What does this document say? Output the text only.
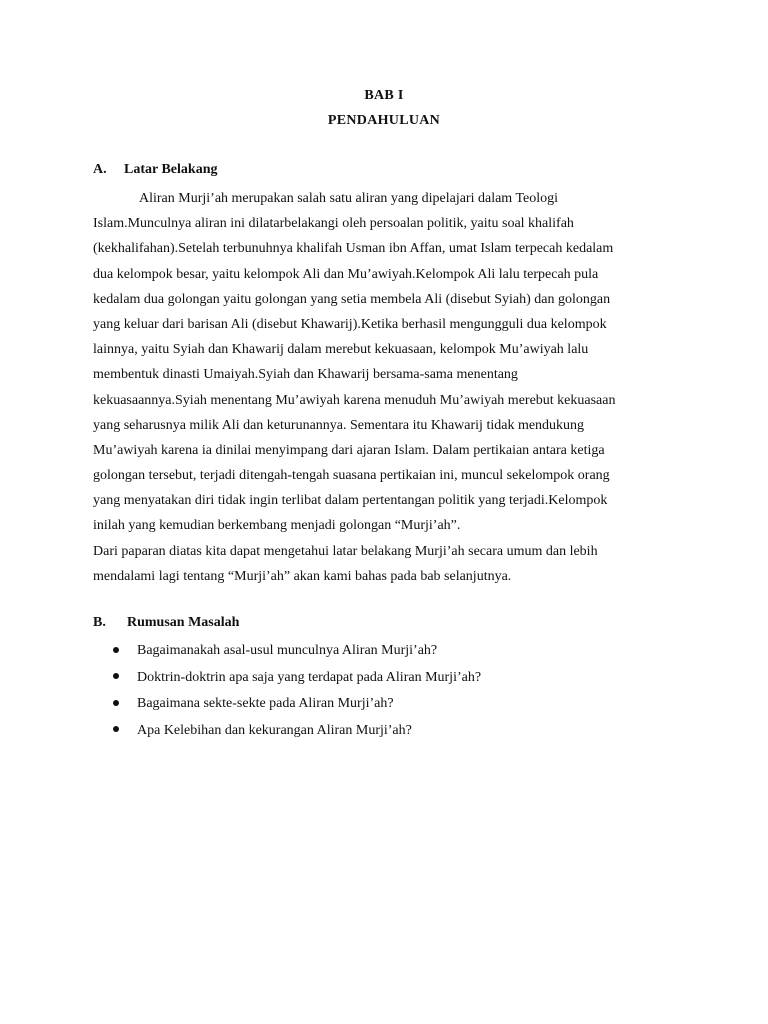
BAB I
PENDAHULUAN
A. Latar Belakang
Aliran Murji’ah merupakan salah satu aliran yang dipelajari dalam Teologi
Islam.Munculnya aliran ini dilatarbelakangi oleh persoalan politik, yaitu soal khalifah
(kekhalifahan).Setelah terbunuhnya khalifah Usman ibn Affan, umat Islam terpecah kedalam
dua kelompok besar, yaitu kelompok Ali dan Mu’awiyah.Kelompok Ali lalu terpecah pula
kedalam dua golongan yaitu golongan yang setia membela Ali (disebut Syiah) dan golongan
yang keluar dari barisan Ali (disebut Khawarij).Ketika berhasil mengungguli dua kelompok
lainnya, yaitu Syiah dan Khawarij dalam merebut kekuasaan, kelompok Mu’awiyah lalu
membentuk dinasti Umaiyah.Syiah dan Khawarij bersama-sama menentang
kekuasaannya.Syiah menentang Mu’awiyah karena menuduh Mu’awiyah merebut kekuasaan
yang seharusnya milik Ali dan keturunannya. Sementara itu Khawarij tidak mendukung
Mu’awiyah karena ia dinilai menyimpang dari ajaran Islam. Dalam pertikaian antara ketiga
golongan tersebut, terjadi ditengah-tengah suasana pertikaian ini, muncul sekelompok orang
yang menyatakan diri tidak ingin terlibat dalam pertentangan politik yang terjadi.Kelompok
inilah yang kemudian berkembang menjadi golongan “Murji’ah”.
Dari paparan diatas kita dapat mengetahui latar belakang Murji’ah secara umum dan lebih
mendalami lagi tentang “Murji’ah” akan kami bahas pada bab selanjutnya.
B. Rumusan Masalah
Bagaimanakah asal-usul munculnya Aliran Murji’ah?
Doktrin-doktrin apa saja yang terdapat pada Aliran Murji’ah?
Bagaimana sekte-sekte pada Aliran Murji’ah?
Apa Kelebihan dan kekurangan Aliran Murji’ah?
